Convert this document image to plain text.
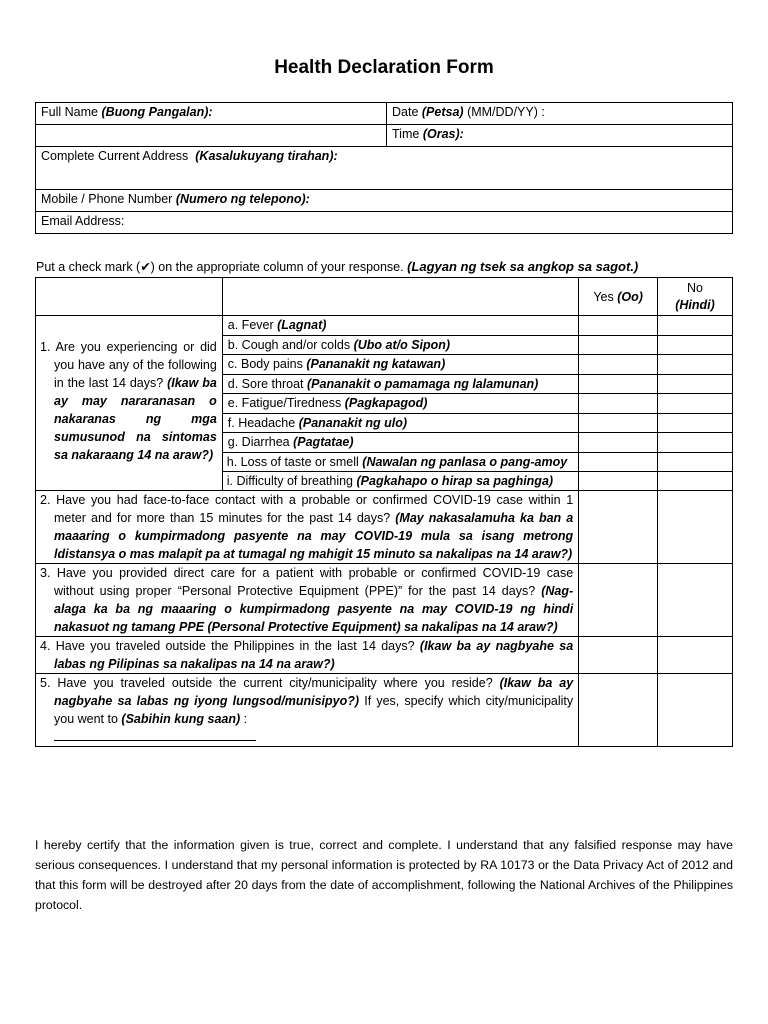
Health Declaration Form
Full Name (Buong Pangalan):	Date (Petsa) (MM/DD/YY) :
	Time (Oras):
Complete Current Address (Kasalukuyang tirahan):	
Mobile / Phone Number (Numero ng telepono):	
Email Address:	
Put a check mark (✔) on the appropriate column of your response. (Lagyan ng tsek sa angkop sa sagot.)
		Yes (Oo)	No
(Hindi)
1. Are you experiencing or did you have any of the following in the last 14 days? (Ikaw ba ay may nararanasan o nakaranas ng mga sumusunod na sintomas sa nakaraang 14 na araw?)	a. Fever (Lagnat)		
	b. Cough and/or colds (Ubo at/o Sipon)		
	c. Body pains (Pananakit ng katawan)		
	d. Sore throat (Pananakit o pamamaga ng lalamunan)		
	e. Fatigue/Tiredness (Pagkapagod)		
	f. Headache (Pananakit ng ulo)		
	g. Diarrhea (Pagtatae)		
	h. Loss of taste or smell (Nawalan ng panlasa o pang-amoy		
	i. Difficulty of breathing (Pagkahapo o hirap sa paghinga)		
2. Have you had face-to-face contact with a probable or confirmed COVID-19 case within 1 meter and for more than 15 minutes for the past 14 days? (May nakasalamuha ka ban a maaaring o kumpirmadong pasyente na may COVID-19 mula sa isang metrong ldistansya o mas malapit pa at tumagal ng mahigit 15 minuto sa nakalipas na 14 araw?)			
3. Have you provided direct care for a patient with probable or confirmed COVID-19 case without using proper “Personal Protective Equipment (PPE)” for the past 14 days? (Nag-alaga ka ba ng maaaring o kumpirmadong pasyente na may COVID-19 ng hindi nakasuot ng tamang PPE (Personal Protective Equipment) sa nakalipas na 14 araw?)			
4. Have you traveled outside the Philippines in the last 14 days? (Ikaw ba ay nagbyahe sa labas ng Pilipinas sa nakalipas na 14 na araw?)			
5. Have you traveled outside the current city/municipality where you reside? (Ikaw ba ay nagbyahe sa labas ng iyong lungsod/munisipyo?) If yes, specify which city/municipality you went to (Sabihin kung saan) :	

I hereby certify that the information given is true, correct and complete. I understand that any falsified response may have serious consequences. I understand that my personal information is protected by RA 10173 or the Data Privacy Act of 2012 and that this form will be destroyed after 20 days from the date of accomplishment, following the National Archives of the Philippines protocol.
